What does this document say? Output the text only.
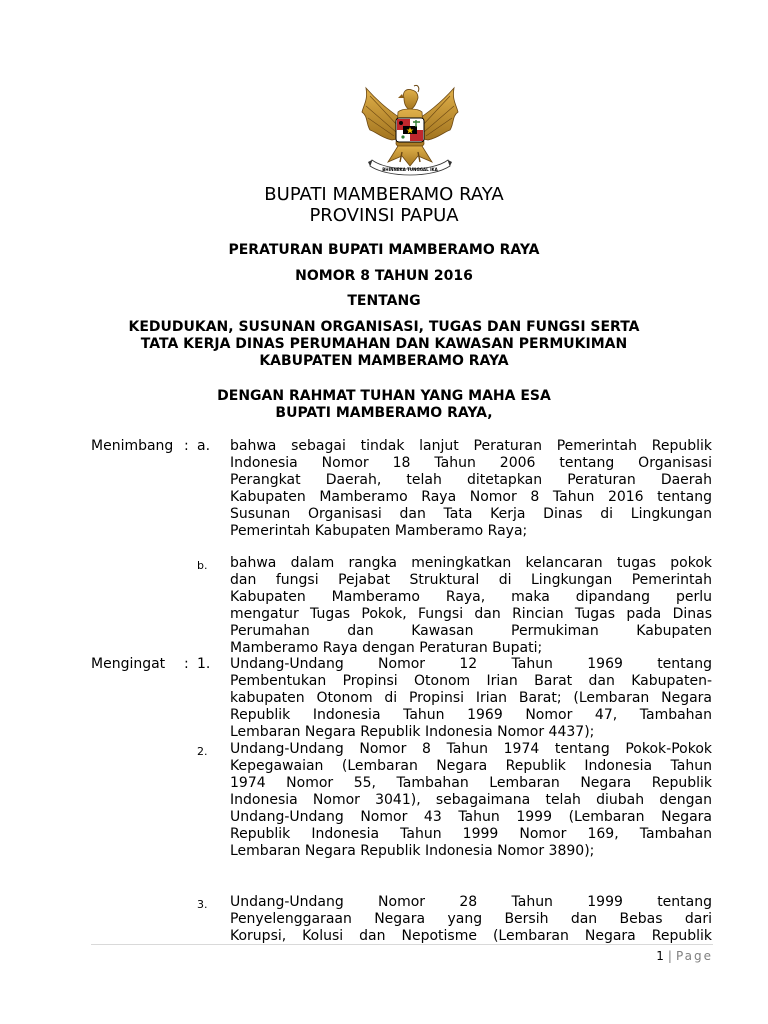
BHINNEKA TUNGGAL IKA
BUPATI MAMBERAMO RAYA
PROVINSI PAPUA
PERATURAN BUPATI MAMBERAMO RAYA
NOMOR 8 TAHUN 2016
TENTANG
KEDUDUKAN, SUSUNAN ORGANISASI, TUGAS DAN FUNGSI SERTA
TATA KERJA DINAS PERUMAHAN DAN KAWASAN PERMUKIMAN
KABUPATEN MAMBERAMO RAYA
DENGAN RAHMAT TUHAN YANG MAHA ESA
BUPATI MAMBERAMO RAYA,
Menimbang : a. bahwa sebagai tindak lanjut Peraturan Pemerintah Republik
Indonesia Nomor 18 Tahun 2006 tentang Organisasi
Perangkat Daerah, telah ditetapkan Peraturan Daerah
Kabupaten Mamberamo Raya Nomor 8 Tahun 2016 tentang
Susunan Organisasi dan Tata Kerja Dinas di Lingkungan
Pemerintah Kabupaten Mamberamo Raya;
b. bahwa dalam rangka meningkatkan kelancaran tugas pokok
dan fungsi Pejabat Struktural di Lingkungan Pemerintah
Kabupaten Mamberamo Raya, maka dipandang perlu
mengatur Tugas Pokok, Fungsi dan Rincian Tugas pada Dinas
Perumahan dan Kawasan Permukiman Kabupaten
Mamberamo Raya dengan Peraturan Bupati;
Mengingat : 1. Undang-Undang Nomor 12 Tahun 1969 tentang
Pembentukan Propinsi Otonom Irian Barat dan Kabupaten-
kabupaten Otonom di Propinsi Irian Barat; (Lembaran Negara
Republik Indonesia Tahun 1969 Nomor 47, Tambahan
Lembaran Negara Republik Indonesia Nomor 4437);
2. Undang-Undang Nomor 8 Tahun 1974 tentang Pokok-Pokok
Kepegawaian (Lembaran Negara Republik Indonesia Tahun
1974 Nomor 55, Tambahan Lembaran Negara Republik
Indonesia Nomor 3041), sebagaimana telah diubah dengan
Undang-Undang Nomor 43 Tahun 1999 (Lembaran Negara
Republik Indonesia Tahun 1999 Nomor 169, Tambahan
Lembaran Negara Republik Indonesia Nomor 3890);
3. Undang-Undang Nomor 28 Tahun 1999 tentang
Penyelenggaraan Negara yang Bersih dan Bebas dari
Korupsi, Kolusi dan Nepotisme (Lembaran Negara Republik
1 | Page
